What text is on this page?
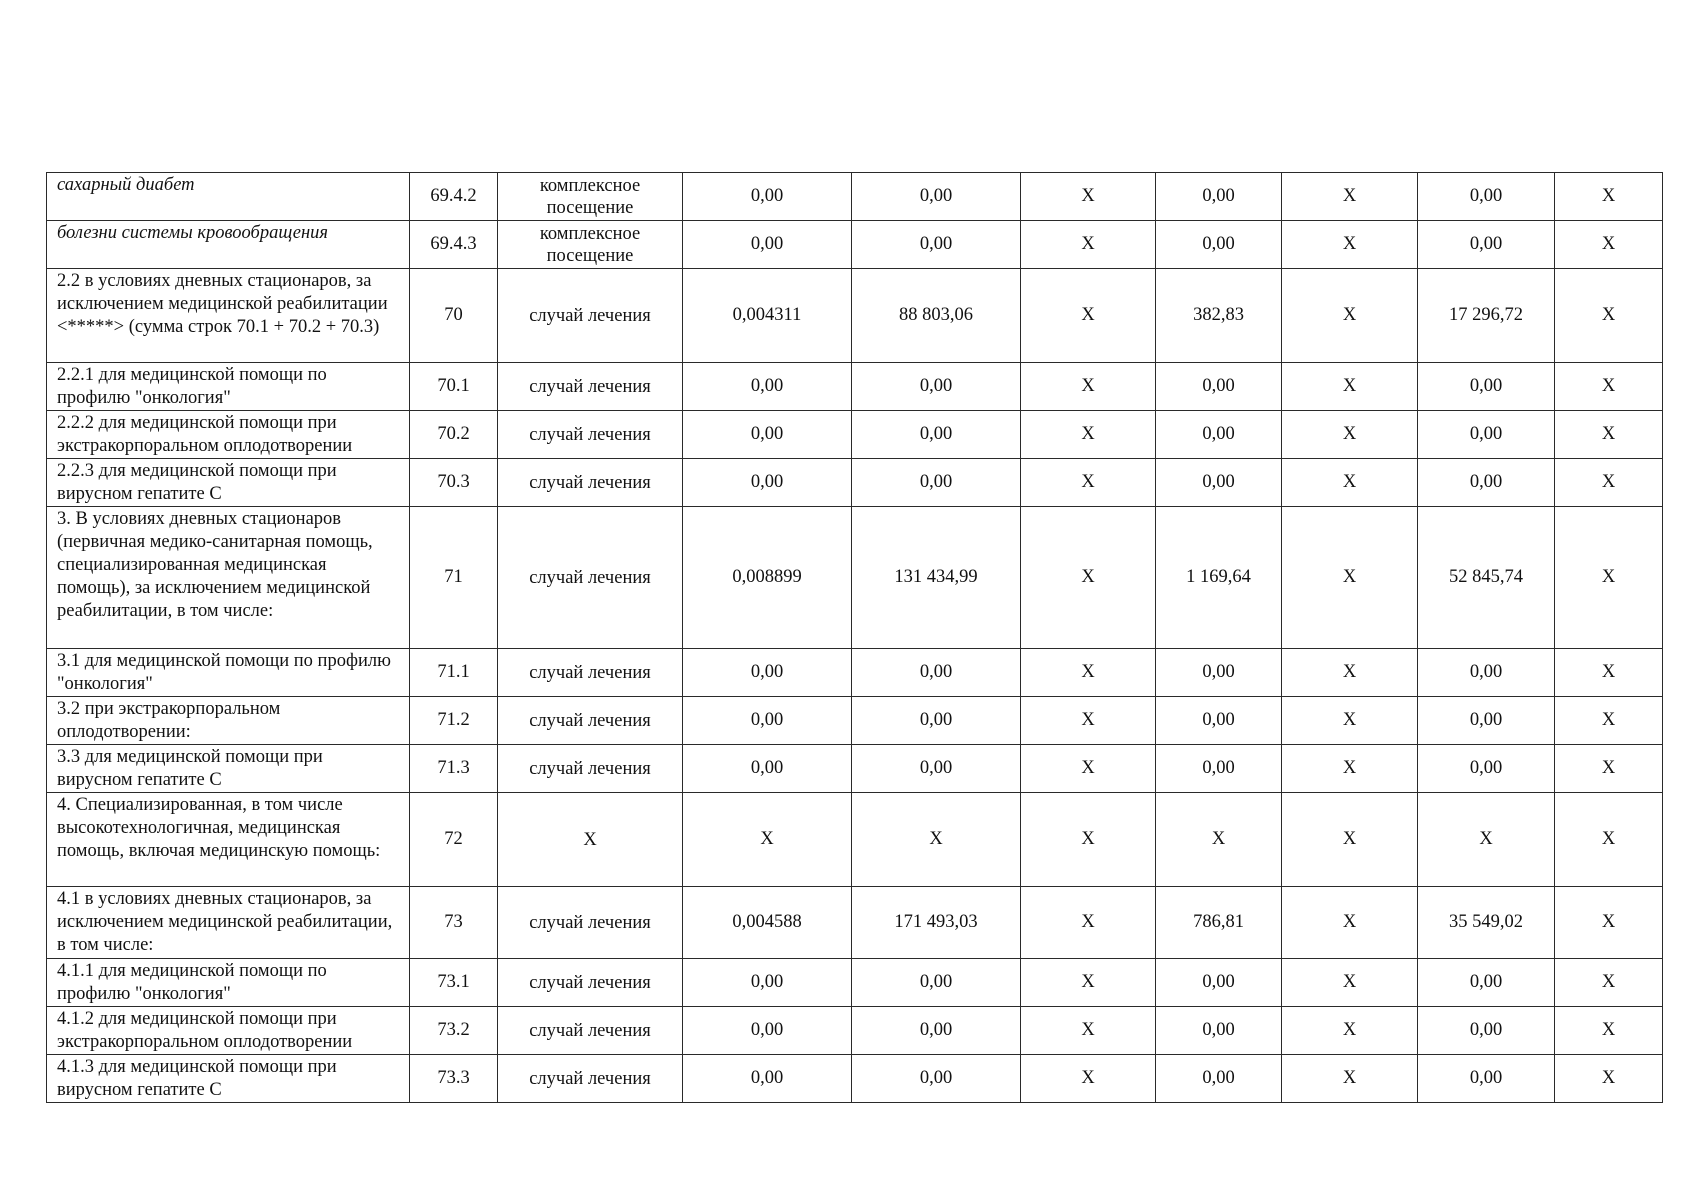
сахарный диабет	69.4.2	комплексное посещение	0,00	0,00	X	0,00	X	0,00	X
болезни системы кровообращения	69.4.3	комплексное посещение	0,00	0,00	X	0,00	X	0,00	X
2.2 в условиях дневных стационаров, за исключением медицинской реабилитации <*****> (сумма строк 70.1 + 70.2 + 70.3)	70	случай лечения	0,004311	88 803,06	X	382,83	X	17 296,72	X
2.2.1 для медицинской помощи по профилю "онкология"	70.1	случай лечения	0,00	0,00	X	0,00	X	0,00	X
2.2.2 для медицинской помощи при экстракорпоральном оплодотворении	70.2	случай лечения	0,00	0,00	X	0,00	X	0,00	X
2.2.3 для медицинской помощи при вирусном гепатите C	70.3	случай лечения	0,00	0,00	X	0,00	X	0,00	X
3. В условиях дневных стационаров (первичная медико-санитарная помощь, специализированная медицинская помощь), за исключением медицинской реабилитации, в том числе:	71	случай лечения	0,008899	131 434,99	X	1 169,64	X	52 845,74	X
3.1 для медицинской помощи по профилю "онкология"	71.1	случай лечения	0,00	0,00	X	0,00	X	0,00	X
3.2 при экстракорпоральном оплодотворении:	71.2	случай лечения	0,00	0,00	X	0,00	X	0,00	X
3.3 для медицинской помощи при вирусном гепатите C	71.3	случай лечения	0,00	0,00	X	0,00	X	0,00	X
4. Специализированная, в том числе высокотехнологичная, медицинская помощь, включая медицинскую помощь:	72	X	X	X	X	X	X	X	X
4.1 в условиях дневных стационаров, за исключением медицинской реабилитации, в том числе:	73	случай лечения	0,004588	171 493,03	X	786,81	X	35 549,02	X
4.1.1 для медицинской помощи по профилю "онкология"	73.1	случай лечения	0,00	0,00	X	0,00	X	0,00	X
4.1.2 для медицинской помощи при экстракорпоральном оплодотворении	73.2	случай лечения	0,00	0,00	X	0,00	X	0,00	X
4.1.3 для медицинской помощи при вирусном гепатите C	73.3	случай лечения	0,00	0,00	X	0,00	X	0,00	X
